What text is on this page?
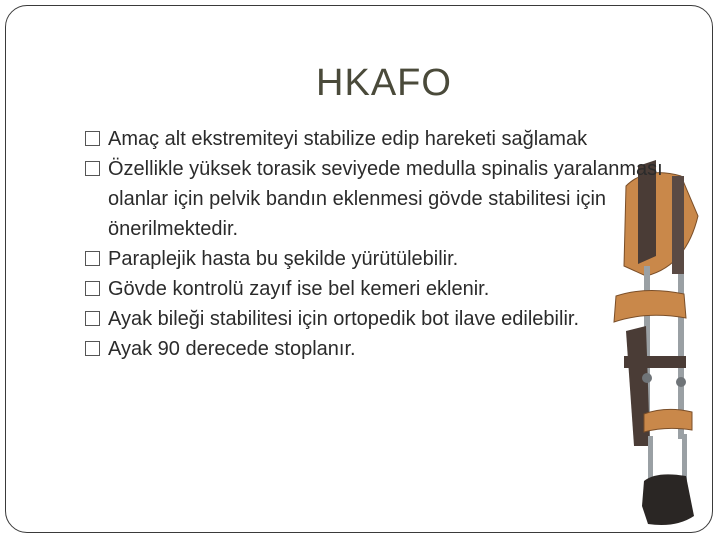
HKAFO
Amaç alt ekstremiteyi stabilize edip hareketi sağlamak
Özellikle yüksek torasik seviyede medulla spinalis yaralanması olanlar için pelvik bandın eklenmesi gövde stabilitesi için önerilmektedir.
Paraplejik hasta bu şekilde yürütülebilir.
Gövde kontrolü zayıf ise bel kemeri eklenir.
Ayak bileği stabilitesi için ortopedik bot ilave edilebilir.
Ayak 90 derecede stoplanır.
